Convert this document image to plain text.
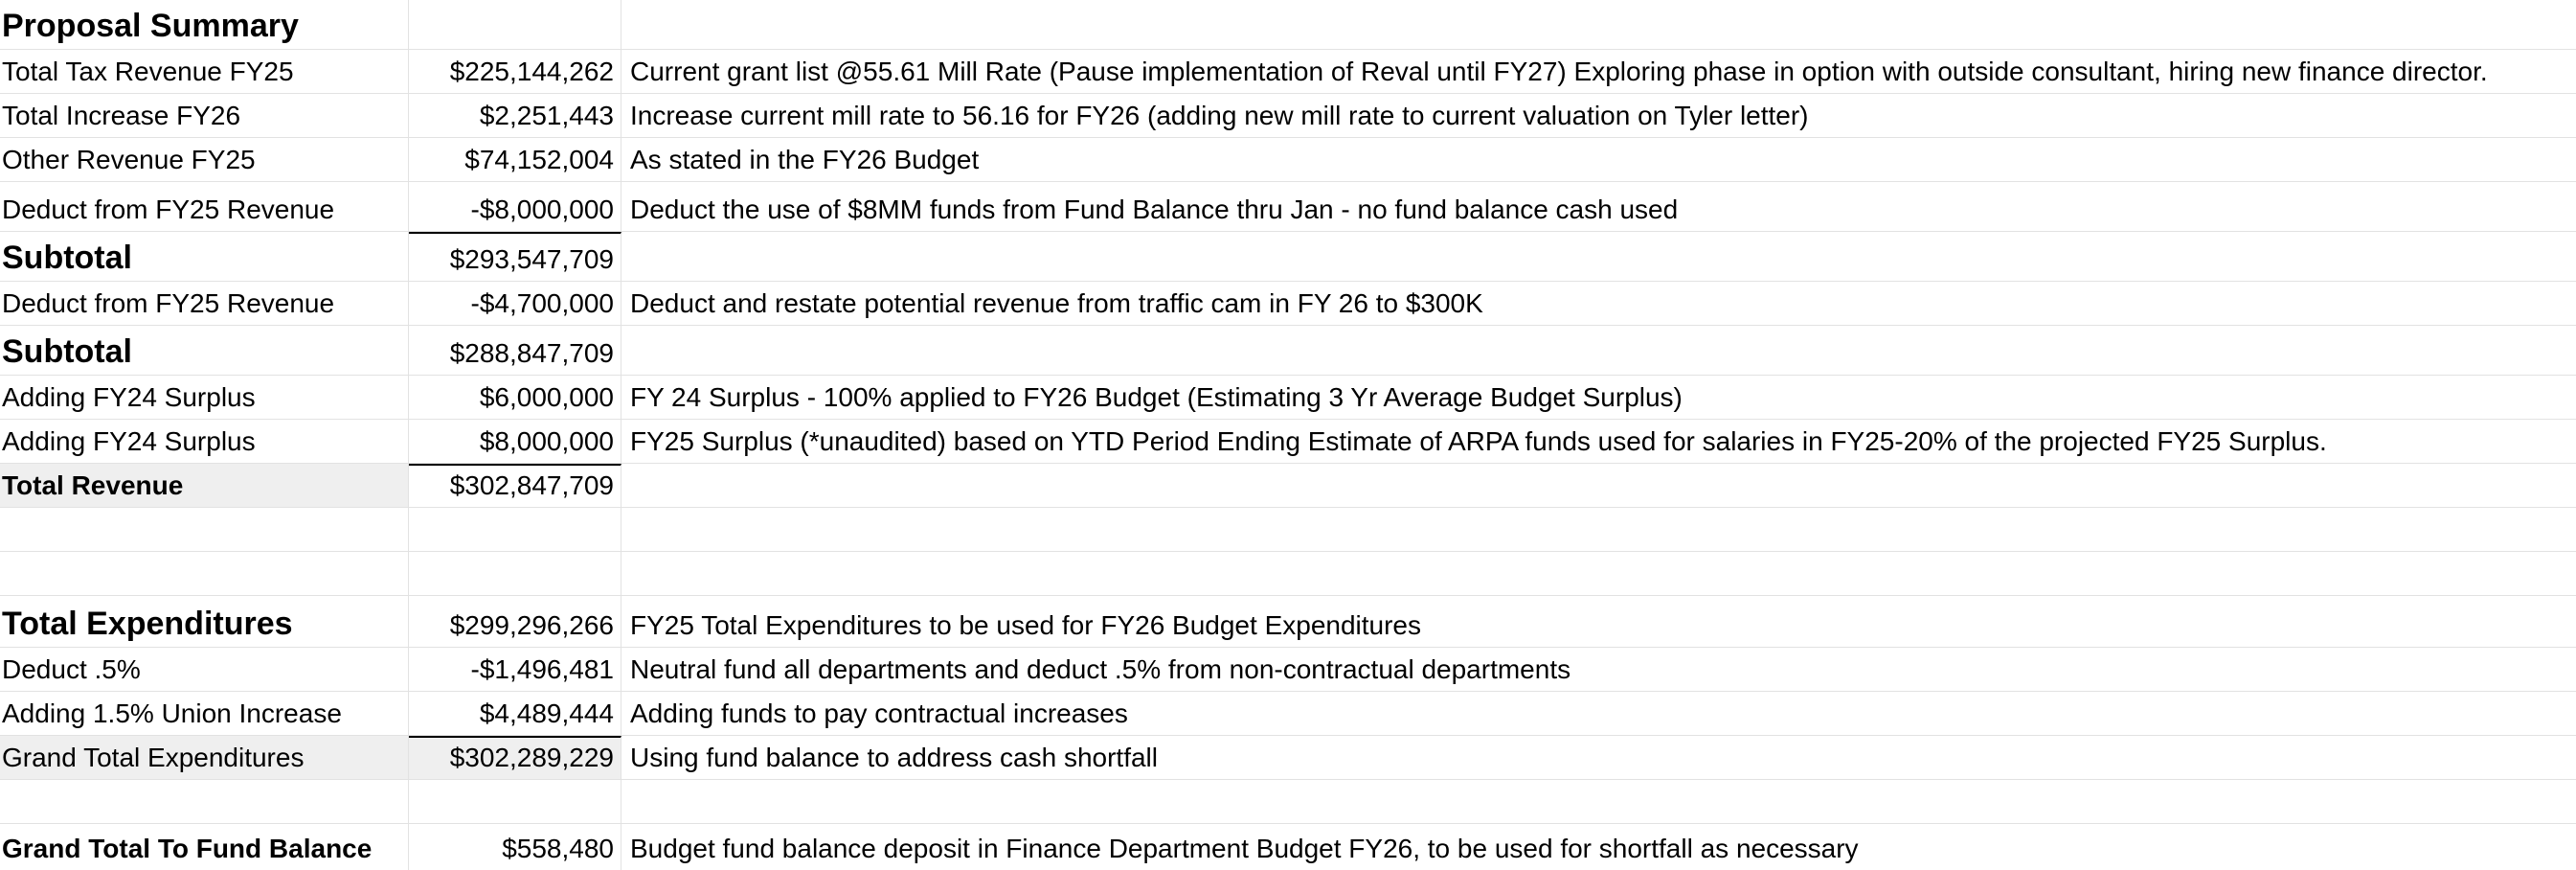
Proposal Summary
Total Tax Revenue FY25	$225,144,262 Current grant list @55.61 Mill Rate (Pause implementation of Reval until FY27) Exploring phase in option with outside consultant, hiring new finance director.
Total Increase FY26	$2,251,443 Increase current mill rate to 56.16 for FY26 (adding new mill rate to current valuation on Tyler letter)
Other Revenue FY25	$74,152,004 As stated in the FY26 Budget
Deduct from FY25 Revenue	-$8,000,000 Deduct the use of $8MM funds from Fund Balance thru Jan - no fund balance cash used
Subtotal	$293,547,709
Deduct from FY25 Revenue	-$4,700,000 Deduct and restate potential revenue from traffic cam in FY 26 to $300K
Subtotal	$288,847,709
Adding FY24 Surplus	$6,000,000 FY 24 Surplus - 100% applied to FY26 Budget (Estimating 3 Yr Average Budget Surplus)
Adding FY24 Surplus	$8,000,000 FY25 Surplus (*unaudited) based on YTD Period Ending Estimate of ARPA funds used for salaries in FY25-20% of the projected FY25 Surplus.
Total Revenue	$302,847,709
Total Expenditures	$299,296,266 FY25 Total Expenditures to be used for FY26 Budget Expenditures
Deduct .5%	-$1,496,481 Neutral fund all departments and deduct .5% from non-contractual departments
Adding 1.5% Union Increase	$4,489,444 Adding funds to pay contractual increases
Grand Total Expenditures	$302,289,229 Using fund balance to address cash shortfall
Grand Total To Fund Balance	$558,480 Budget fund balance deposit in Finance Department Budget FY26, to be used for shortfall as necessary
